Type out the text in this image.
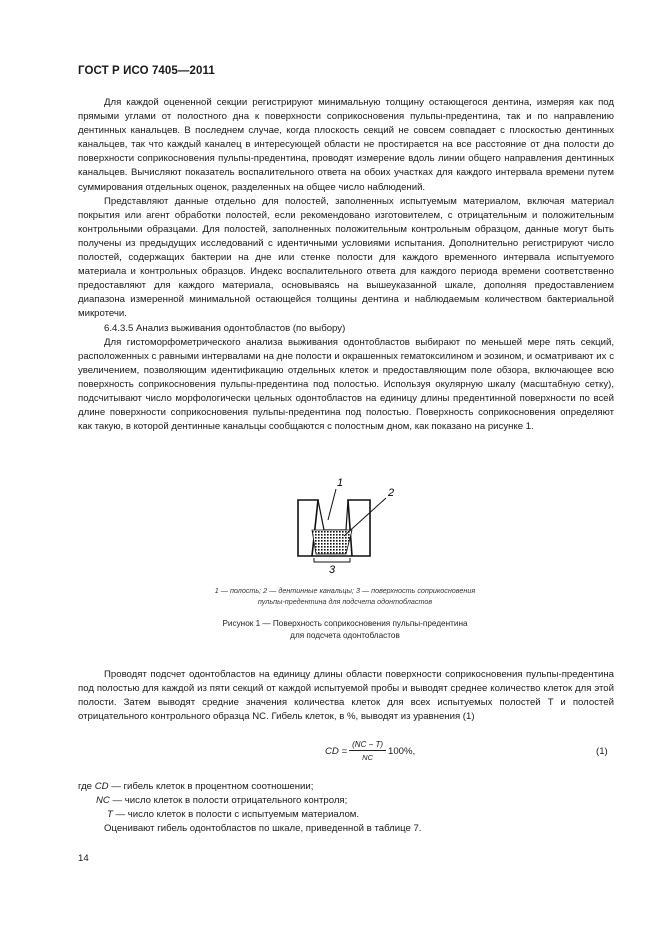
ГОСТ Р ИСО 7405—2011

Для каждой оцененной секции регистрируют минимальную толщину остающегося дентина, измеряя как под прямыми углами от полостного дна к поверхности соприкосновения пульпы-предентина, так и по направлению дентинных канальцев. В последнем случае, когда плоскость секций не совсем совпадает с плоскостью дентинных канальцев, так что каждый каналец в интересующей области не простирается на все расстояние от дна полости до поверхности соприкосновения пульпы-предентина, проводят измерение вдоль линии общего направления дентинных канальцев. Вычисляют показатель воспалительного ответа на обоих участках для каждого интервала времени путем суммирования отдельных оценок, разделенных на общее число наблюдений.

Представляют данные отдельно для полостей, заполненных испытуемым материалом, включая материал покрытия или агент обработки полостей, если рекомендовано изготовителем, с отрицательным и положительным контрольными образцами. Для полостей, заполненных положительным контрольным образцом, данные могут быть получены из предыдущих исследований с идентичными условиями испытания. Дополнительно регистрируют число полостей, содержащих бактерии на дне или стенке полости для каждого временного интервала испытуемого материала и контрольных образцов. Индекс воспалительного ответа для каждого периода времени соответственно предоставляют для каждого материала, основываясь на вышеуказанной шкале, дополняя предоставлением диапазона измеренной минимальной остающейся толщины дентина и наблюдаемым количеством бактериальной микротечи.

6.4.3.5 Анализ выживания одонтобластов (по выбору)

Для гистоморфометрического анализа выживания одонтобластов выбирают по меньшей мере пять секций, расположенных с равными интервалами на дне полости и окрашенных гематоксилином и эозином, и осматривают их с увеличением, позволяющим идентификацию отдельных клеток и предоставляющим поле обзора, включающее всю поверхность соприкосновения пульпы-предентина под полостью. Используя окулярную шкалу (масштабную сетку), подсчитывают число морфологически цельных одонтобластов на единицу длины предентинной поверхности по всей длине поверхности соприкосновения пульпы-предентина под полостью. Поверхность соприкосновения определяют как такую, в которой дентинные канальцы сообщаются с полостным дном, как показано на рисунке 1.

1
2
3
1 — полость; 2 — дентинные канальцы; 3 — поверхность соприкосновения
пульпы-предентина для подсчета одонтобластов
Рисунок 1 — Поверхность соприкосновения пульпы-предентина
для подсчета одонтобластов

Проводят подсчет одонтобластов на единицу длины области поверхности соприкосновения пульпы-предентина под полостью для каждой из пяти секций от каждой испытуемой пробы и выводят среднее количество клеток для этой полости. Затем выводят средние значения количества клеток для всех испытуемых полостей T и полостей отрицательного контрольного образца NC. Гибель клеток, в %, выводят из уравнения (1)

CD = $\frac{(NC - T)}{NC} 100\%$,	(1)
где CD — гибель клеток в процентном соотношении;
NC — число клеток в полости отрицательного контроля;
T — число клеток в полости с испытуемым материалом.
Оценивают гибель одонтобластов по шкале, приведенной в таблице 7.
14
